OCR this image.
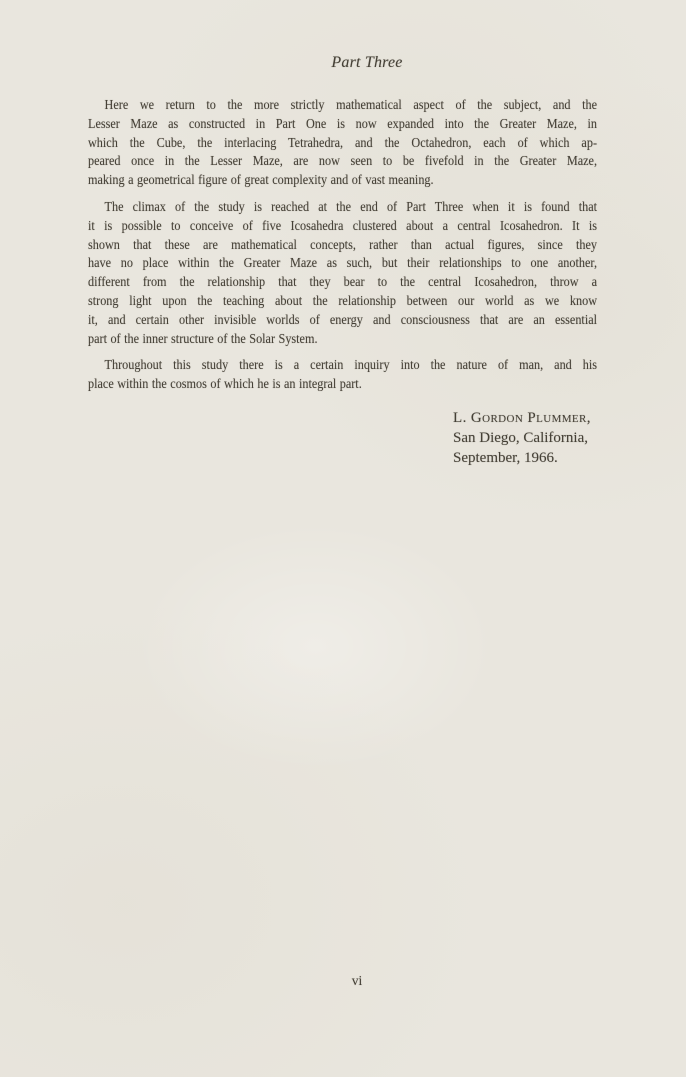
Part Three
Here we return to the more strictly mathematical aspect of the subject, and the
Lesser Maze as constructed in Part One is now expanded into the Greater Maze, in
which the Cube, the interlacing Tetrahedra, and the Octahedron, each of which ap-
peared once in the Lesser Maze, are now seen to be fivefold in the Greater Maze,
making a geometrical figure of great complexity and of vast meaning.
The climax of the study is reached at the end of Part Three when it is found that
it is possible to conceive of five Icosahedra clustered about a central Icosahedron. It is
shown that these are mathematical concepts, rather than actual figures, since they
have no place within the Greater Maze as such, but their relationships to one another,
different from the relationship that they bear to the central Icosahedron, throw a
strong light upon the teaching about the relationship between our world as we know
it, and certain other invisible worlds of energy and consciousness that are an essential
part of the inner structure of the Solar System.
Throughout this study there is a certain inquiry into the nature of man, and his
place within the cosmos of which he is an integral part.
L. Gordon Plummer,
San Diego, California,
September, 1966.
vi
